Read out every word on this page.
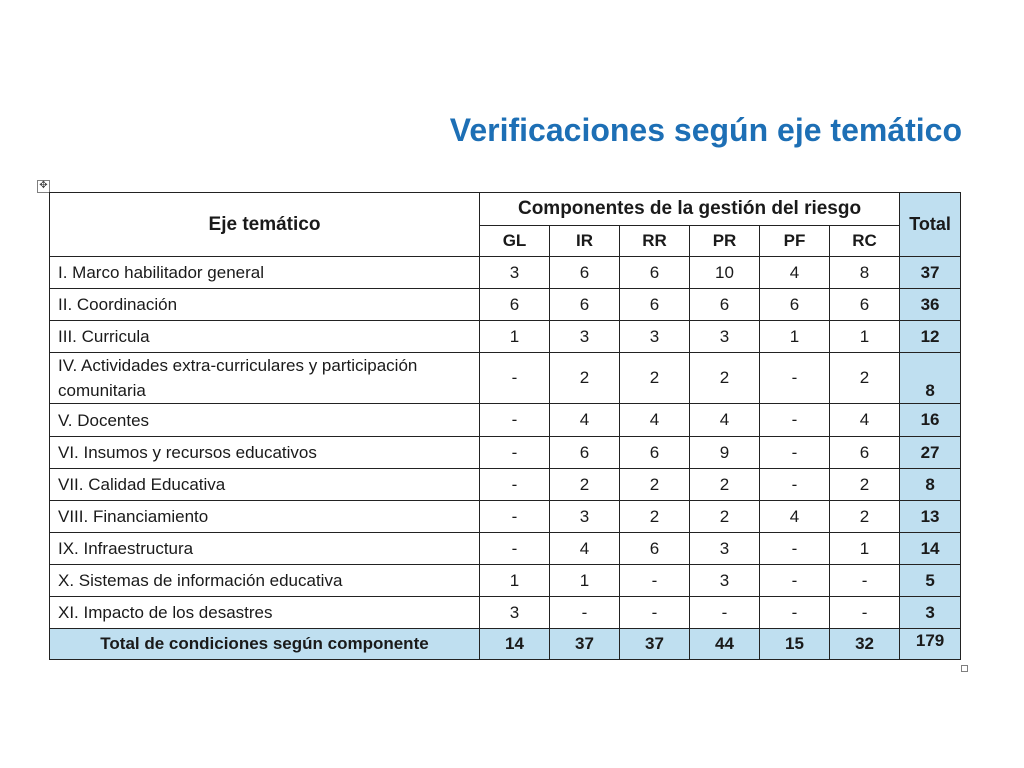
Verificaciones según eje temático
✥
Eje temático	Componentes de la gestión del riesgo						Total
	GL	IR	RR	PR	PF	RC	
I. Marco habilitador general	3	6	6	10	4	8	37
II. Coordinación	6	6	6	6	6	6	36
III. Curricula	1	3	3	3	1	1	12
IV. Actividades extra-curriculares y participación comunitaria	-	2	2	2	-	2	8
V. Docentes	-	4	4	4	-	4	16
VI. Insumos y recursos educativos	-	6	6	9	-	6	27
VII. Calidad Educativa	-	2	2	2	-	2	8
VIII. Financiamiento	-	3	2	2	4	2	13
IX. Infraestructura	-	4	6	3	-	1	14
X. Sistemas de información educativa	1	1	-	3	-	-	5
XI. Impacto de los desastres	3	-	-	-	-	-	3
Total de condiciones según componente	14	37	37	44	15	32	179
